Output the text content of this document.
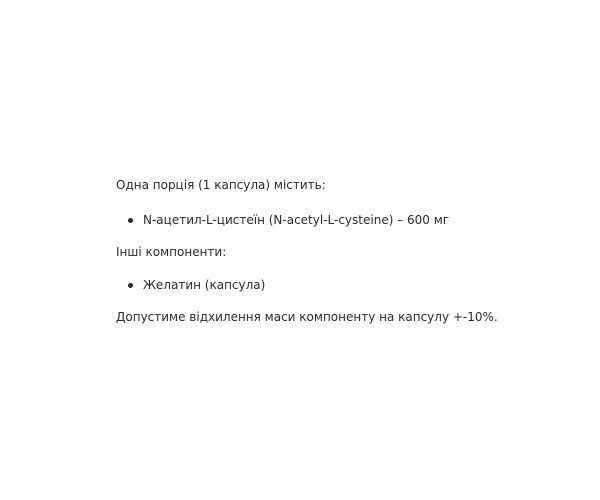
Одна порція (1 капсула) містить:

N-ацетил-L-цистеїн (N-acetyl-L-cysteine) – 600 мг

Інші компоненти:

Желатин (капсула)

Допустиме відхилення маси компоненту на капсулу +-10%.
